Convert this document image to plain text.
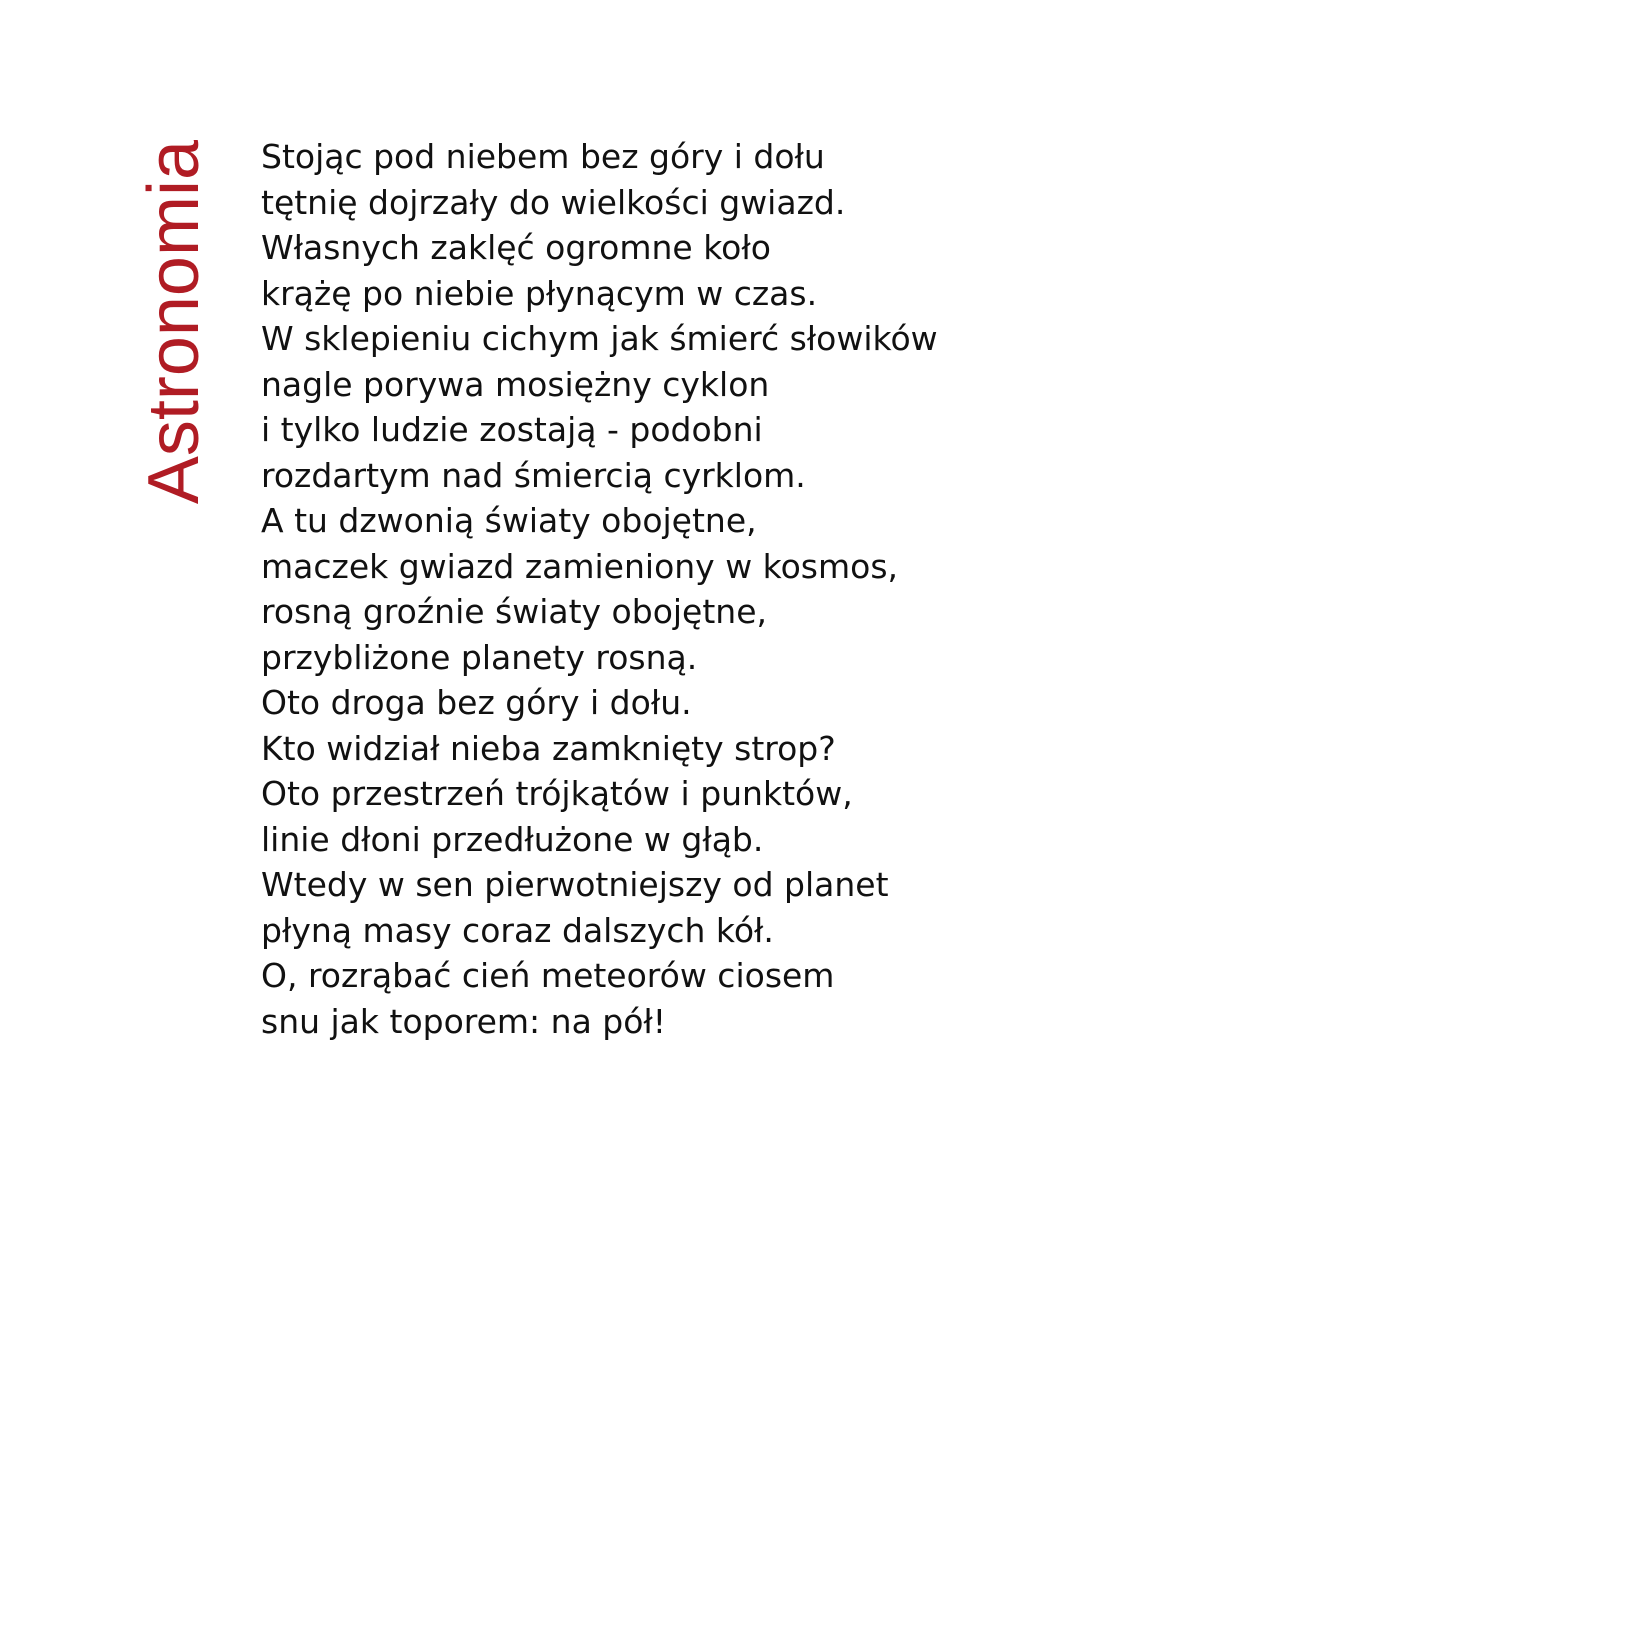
Astronomia Stojąc pod niebem bez góry i dołu
tętnię dojrzały do wielkości gwiazd.
Własnych zaklęć ogromne koło
krążę po niebie płynącym w czas.
W sklepieniu cichym jak śmierć słowików
nagle porywa mosiężny cyklon
i tylko ludzie zostają - podobni
rozdartym nad śmiercią cyrklom.
A tu dzwonią światy obojętne,
maczek gwiazd zamieniony w kosmos,
rosną groźnie światy obojętne,
przybliżone planety rosną.
Oto droga bez góry i dołu.
Kto widział nieba zamknięty strop?
Oto przestrzeń trójkątów i punktów,
linie dłoni przedłużone w głąb.
Wtedy w sen pierwotniejszy od planet
płyną masy coraz dalszych kół.
O, rozrąbać cień meteorów ciosem
snu jak toporem: na pół!
